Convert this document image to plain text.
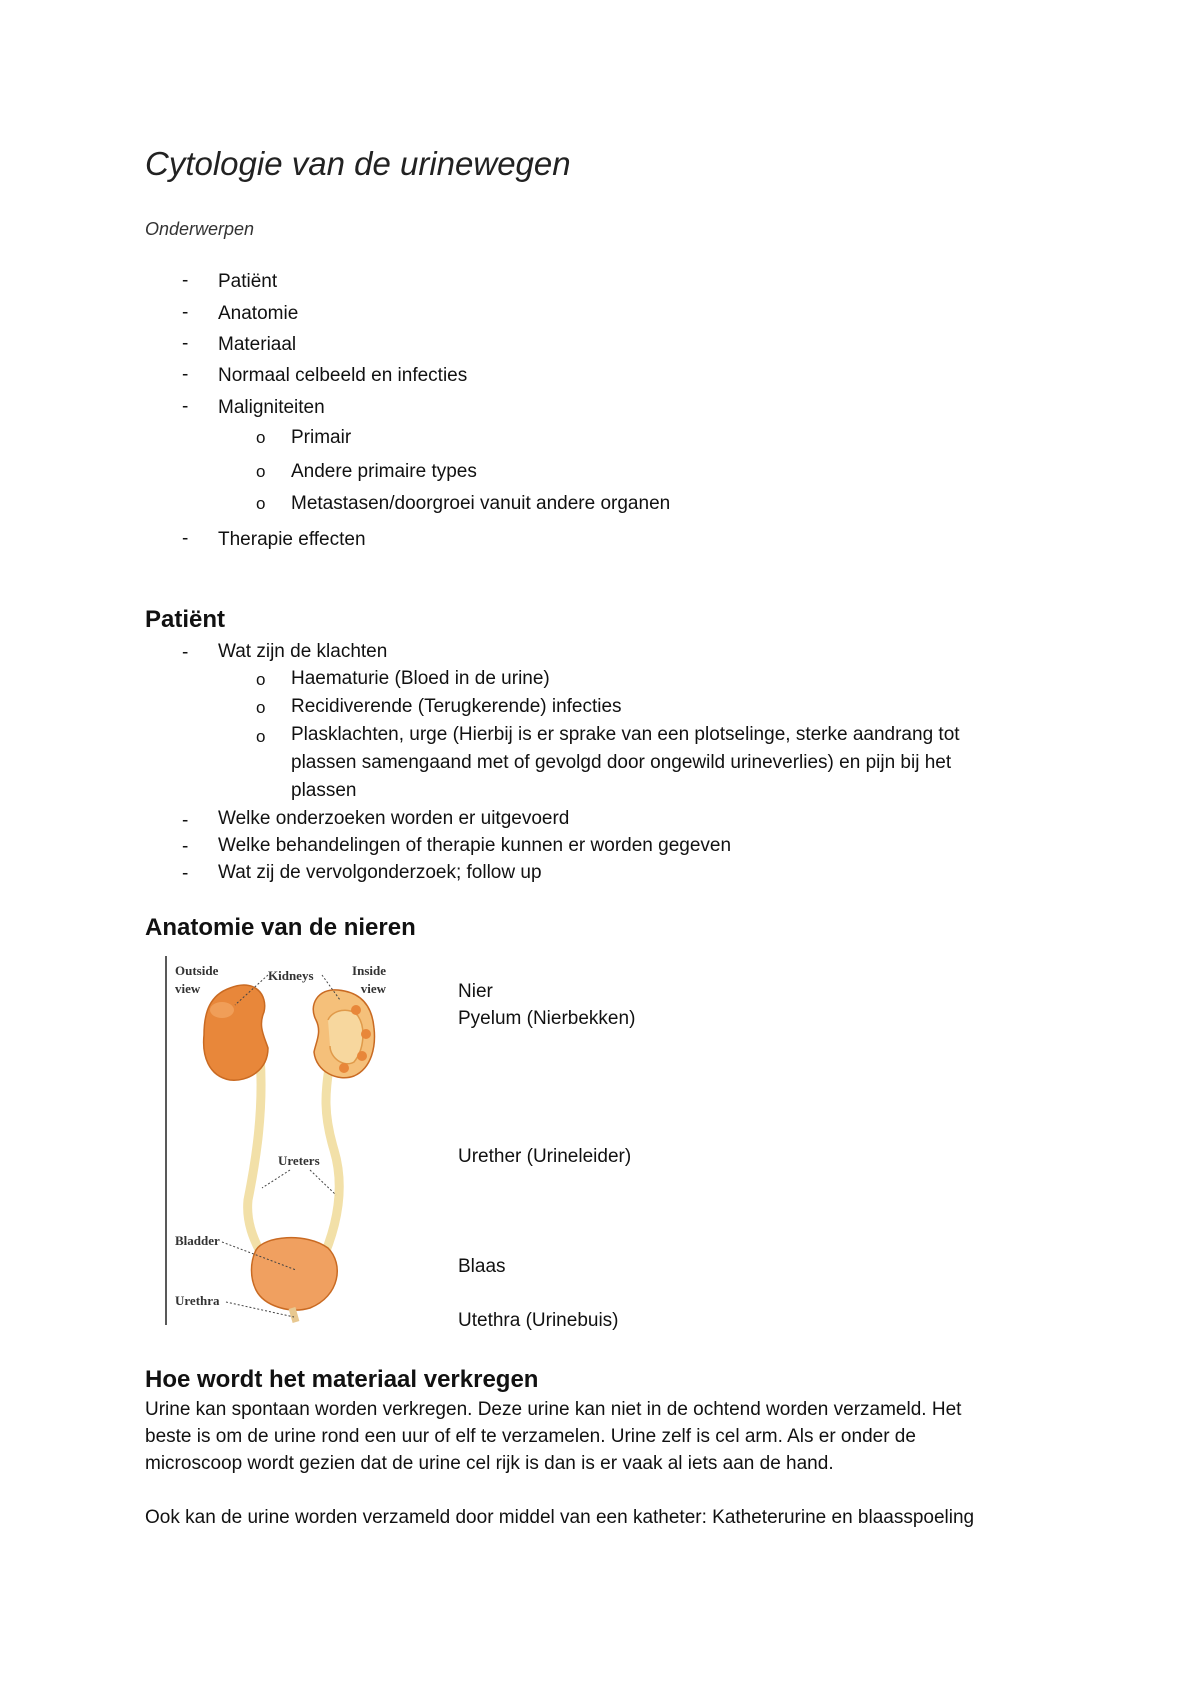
Cytologie van de urinewegen
Onderwerpen
- Patiënt
- Anatomie
- Materiaal
- Normaal celbeeld en infecties
- Maligniteiten
o Primair
o Andere primaire types
o Metastasen/doorgroei vanuit andere organen
- Therapie effecten
Patiënt
- Wat zijn de klachten
o Haematurie (Bloed in de urine)
o Recidiverende (Terugkerende) infecties
o Plasklachten, urge (Hierbij is er sprake van een plotselinge, sterke aandrang tot
plassen samengaand met of gevolgd door ongewild urineverlies) en pijn bij het
plassen
- Welke onderzoeken worden er uitgevoerd
- Welke behandelingen of therapie kunnen er worden gegeven
- Wat zij de vervolgonderzoek; follow up
Anatomie van de nieren
Outside
view
Kidneys	Inside
view
Ureters
Bladder
Urethra
Nier
Pyelum (Nierbekken)
Urether (Urineleider)
Blaas
Utethra (Urinebuis)
Hoe wordt het materiaal verkregen
Urine kan spontaan worden verkregen. Deze urine kan niet in de ochtend worden verzameld. Het
beste is om de urine rond een uur of elf te verzamelen. Urine zelf is cel arm. Als er onder de
microscoop wordt gezien dat de urine cel rijk is dan is er vaak al iets aan de hand.
Ook kan de urine worden verzameld door middel van een katheter: Katheterurine en blaasspoeling
